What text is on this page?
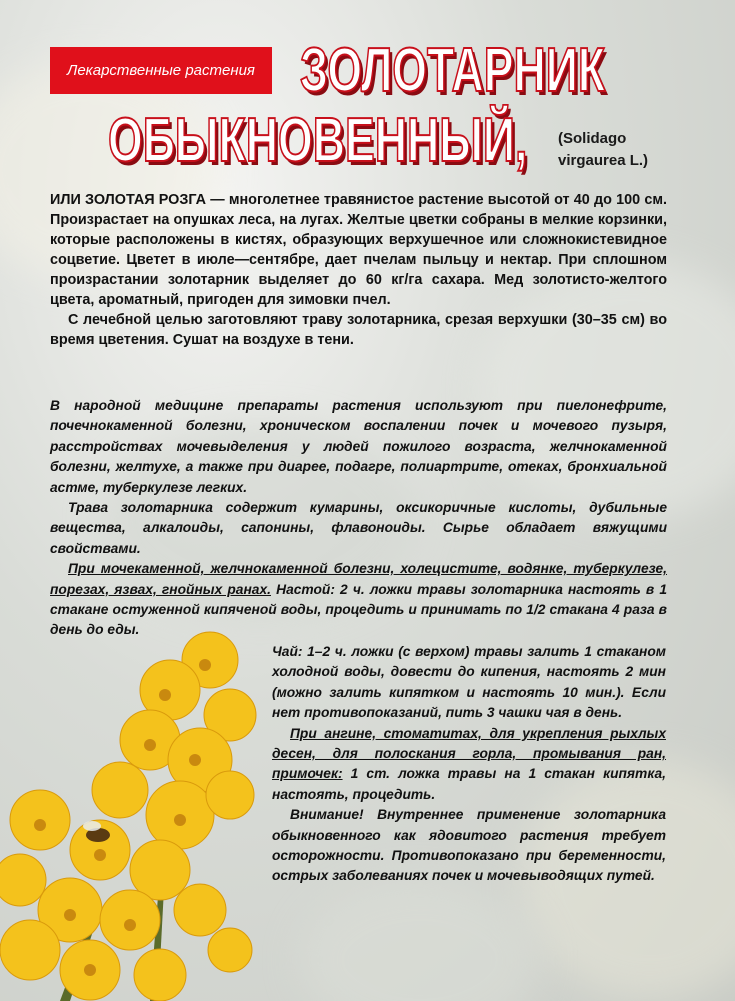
Лекарственные растения ЗОЛОТАРНИК
ОБЫКНОВЕННЫЙ, (Solidago
virgaurea L.)

ИЛИ ЗОЛОТАЯ РОЗГА — многолетнее травянистое растение высотой от 40 до 100 см. Произрастает на опушках леса, на лугах. Желтые цветки собраны в мелкие корзинки, которые расположены в кистях, образующих верхушечное или сложнокистевидное соцветие. Цветет в июле—сентябре, дает пчелам пыльцу и нектар. При сплошном произрастании золотарник выделяет до 60 кг/га сахара. Мед золотисто-желтого цвета, ароматный, пригоден для зимовки пчел.

С лечебной целью заготовляют траву золотарника, срезая верхушки (30–35 см) во время цветения. Сушат на воздухе в тени.

В народной медицине препараты растения используют при пиелонефрите, почечнокаменной болезни, хроническом воспалении почек и мочевого пузыря, расстройствах мочевыделения у людей пожилого возраста, желчнокаменной болезни, желтухе, а также при диарее, подагре, полиартрите, отеках, бронхиальной астме, туберкулезе легких.

Трава золотарника содержит кумарины, оксикоричные кислоты, дубильные вещества, алкалоиды, сапонины, флавоноиды. Сырье обладает вяжущими свойствами.

При мочекаменной, желчнокаменной болезни, холецистите, водянке, туберкулезе, порезах, язвах, гнойных ранах. Настой: 2 ч. ложки травы золотарника настоять в 1 стакане остуженной кипяченой воды, процедить и принимать по 1/2 стакана 4 раза в день до еды.

Чай: 1–2 ч. ложки (с верхом) травы залить 1 стаканом холодной воды, довести до кипения, настоять 2 мин (можно залить кипятком и настоять 10 мин.). Если нет противопоказаний, пить 3 чашки чая в день.

При ангине, стоматитах, для укрепления рыхлых десен, для полоскания горла, промывания ран, примочек: 1 ст. ложка травы на 1 стакан кипятка, настоять, процедить.

Внимание! Внутреннее применение золотарника обыкновенного как ядовитого растения требует осторожности. Противопоказано при беременности, острых заболеваниях почек и мочевыводящих путей.
